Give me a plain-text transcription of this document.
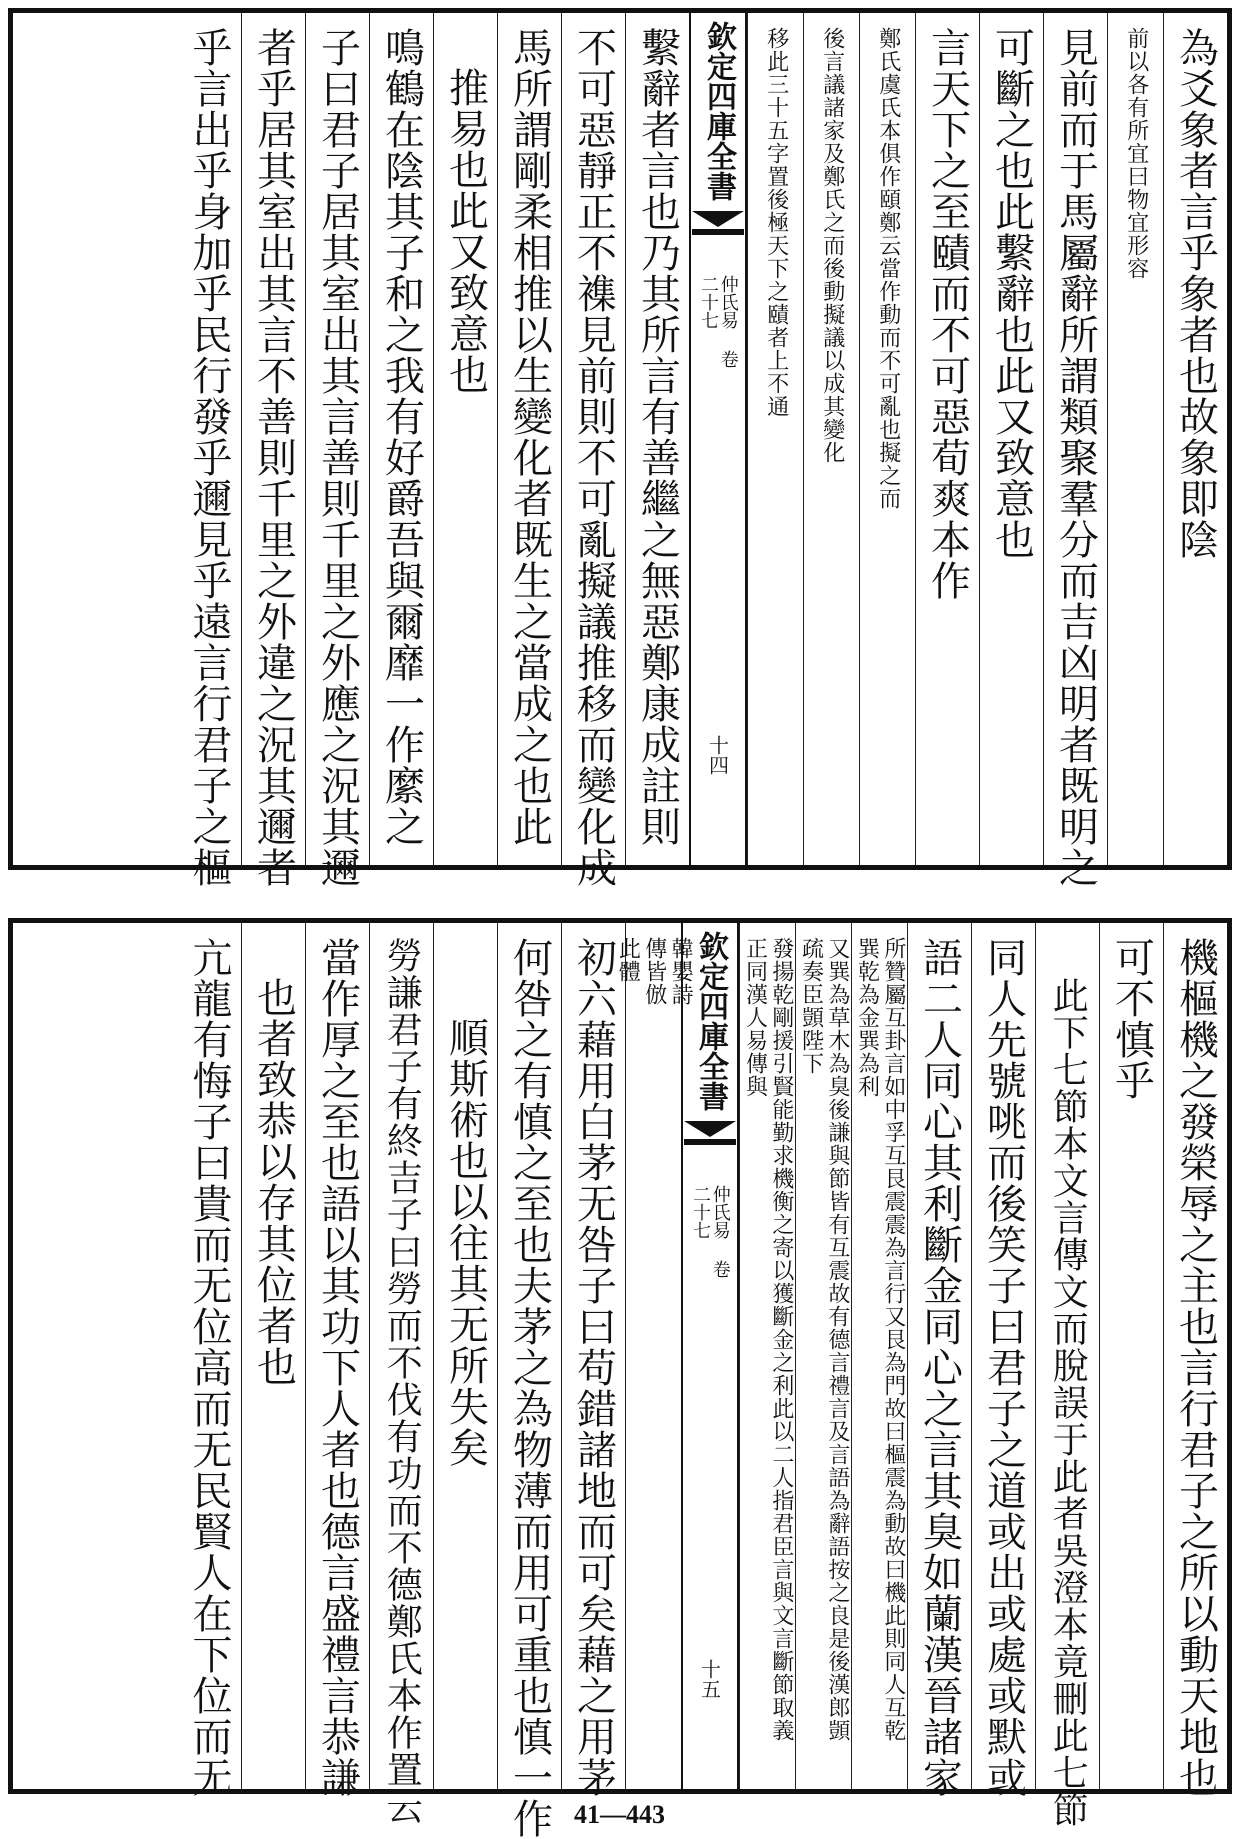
為爻象者言乎象者也故象即陰
前以各有所宜曰物宜形容
見前而于馬屬辭所謂類聚羣分而吉凶明者既明之
可斷之也此繫辭也此又致意也
言天下之至賾而不可惡荀爽本作
鄭氏虞氏本俱作頤鄭云當作動而不可亂也擬之而
後言議諸家及鄭氏之而後動擬議以成其變化
移此三十五字置後極天下之賾者上不通
欽定四庫全書
仲氏易 卷二十七
十四
繫辭者言也乃其所言有善繼之無惡鄭康成註則
不可惡靜正不襍見前則不可亂擬議推移而變化成
馬所謂剛柔相推以生變化者既生之當成之也此
推易也此又致意也
鳴鶴在陰其子和之我有好爵吾與爾靡一作縻之
子曰君子居其室出其言善則千里之外應之況其邇
者乎居其室出其言不善則千里之外違之況其邇者
乎言出乎身加乎民行發乎邇見乎遠言行君子之樞
機樞機之發榮辱之主也言行君子之所以動天地也
可不慎乎
此下七節本文言傳文而脫誤于此者吳澄本竟刪此七節
同人先號咷而後笑子曰君子之道或出或處或默或
語二人同心其利斷金同心之言其臭如蘭漢晉諸家
所贊屬互卦言如中孚互艮震震為言行又艮為門故曰樞震為動故曰機此則同人互乾巽乾為金巽為利
又巽為草木為臭後謙與節皆有互震故有德言禮言及言語為辭語按之良是後漢郎顗疏奏臣顗陛下
發揚乾剛援引賢能勤求機衡之寄以獲斷金之利此以二人指君臣言與文言斷節取義正同漢人易傳與
欽定四庫全書
仲氏易 卷二十七
十五
韓嬰詩傳皆倣此體
初六藉用白茅无咎子曰苟錯諸地而可矣藉之用茅
何咎之有慎之至也夫茅之為物薄而用可重也慎一作
順斯術也以往其无所失矣
勞謙君子有終吉子曰勞而不伐有功而不德鄭氏本作置云
當作厚之至也語以其功下人者也德言盛禮言恭謙
也者致恭以存其位者也
亢龍有悔子曰貴而无位高而无民賢人在下位而无
41—443
